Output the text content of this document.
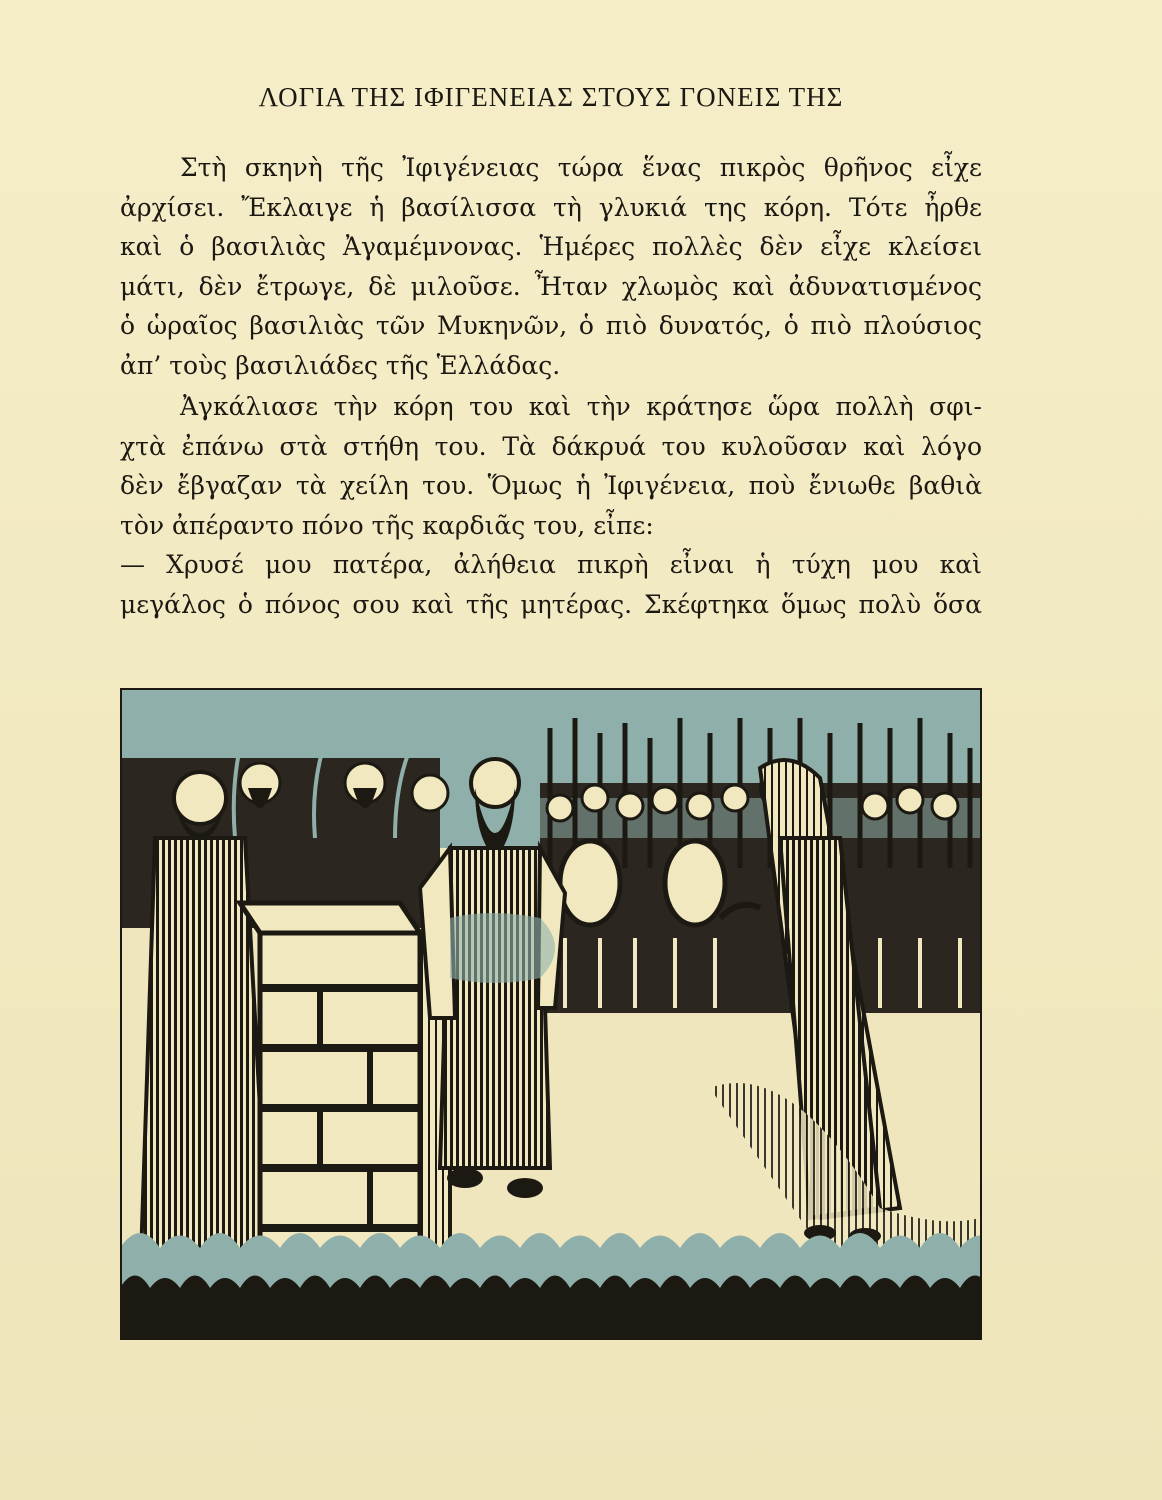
ΛΟΓΙΑ ΤΗΣ ΙΦΙΓΕΝΕΙΑΣ ΣΤΟΥΣ ΓΟΝΕΙΣ ΤΗΣ
Στὴ σκηνὴ τῆς Ἰφιγένειας τώρα ἕνας πικρὸς θρῆνος εἶχε
ἀρχίσει. Ἔκλαιγε ἡ βασίλισσα τὴ γλυκιά της κόρη. Τότε ἦρθε
καὶ ὁ βασιλιὰς Ἀγαμέμνονας. Ἡμέρες πολλὲς δὲν εἶχε κλείσει
μάτι, δὲν ἔτρωγε, δὲ μιλοῦσε. Ἦταν χλωμὸς καὶ ἀδυνατισμένος
ὁ ὡραῖος βασιλιὰς τῶν Μυκηνῶν, ὁ πιὸ δυνατός, ὁ πιὸ πλούσιος
ἀπ’ τοὺς βασιλιάδες τῆς Ἑλλάδας.
Ἀγκάλιασε τὴν κόρη του καὶ τὴν κράτησε ὥρα πολλὴ σφι-
χτὰ ἐπάνω στὰ στήθη του. Τὰ δάκρυά του κυλοῦσαν καὶ λόγο
δὲν ἔβγαζαν τὰ χείλη του. Ὅμως ἡ Ἰφιγένεια, ποὺ ἔνιωθε βαθιὰ
τὸν ἀπέραντο πόνο τῆς καρδιᾶς του, εἶπε:
— Χρυσέ μου πατέρα, ἀλήθεια πικρὴ εἶναι ἡ τύχη μου καὶ
μεγάλος ὁ πόνος σου καὶ τῆς μητέρας. Σκέφτηκα ὅμως πολὺ ὅσα
